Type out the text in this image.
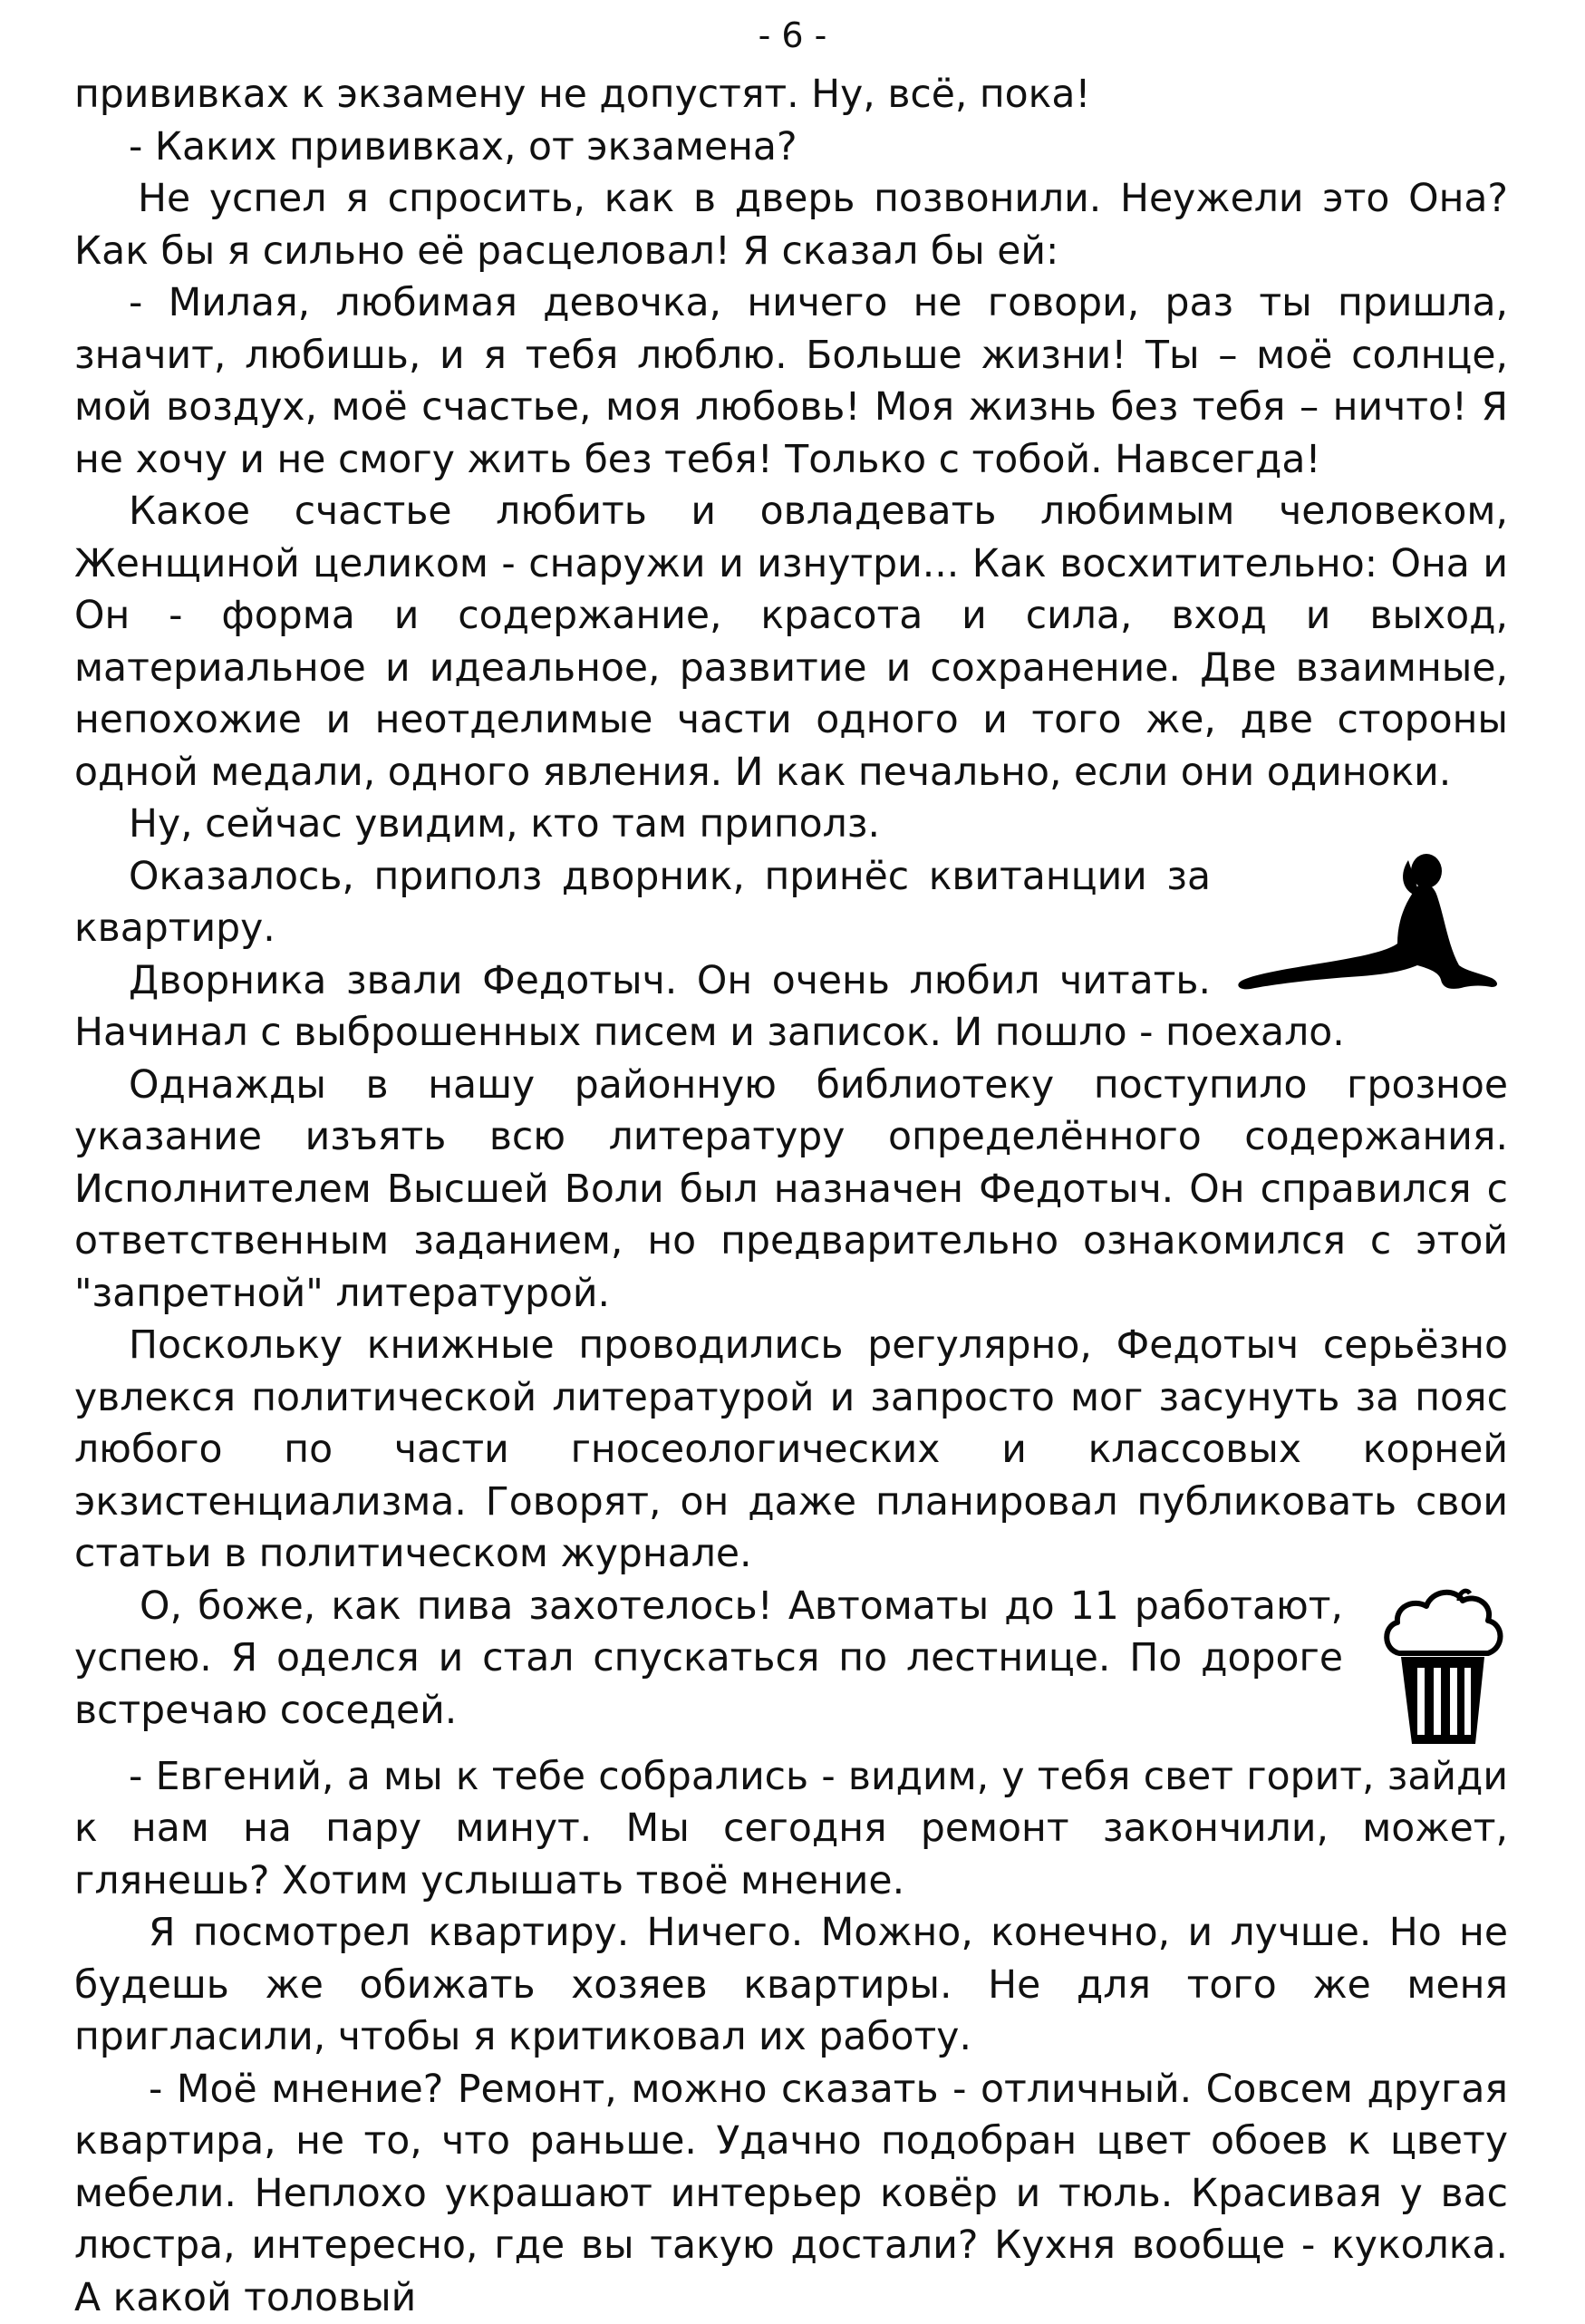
- 6 -

прививках к экзамену не допустят. Ну, всё, пока!

- Каких прививках, от экзамена?

Не успел я спросить, как в дверь позвонили. Неужели это Она? Как бы я сильно её расцеловал! Я сказал бы ей:

- Милая, любимая девочка, ничего не говори, раз ты пришла, значит, любишь, и я тебя люблю. Больше жизни! Ты – моё солнце, мой воздух, моё счастье, моя любовь! Моя жизнь без тебя – ничто! Я не хочу и не смогу жить без тебя! Только с тобой. Навсегда!

Какое счастье любить и овладевать любимым человеком, Женщиной целиком - снаружи и изнутри... Как восхитительно: Она и Он - форма и содержание, красота и сила, вход и выход, материальное и идеальное, развитие и сохранение. Две взаимные, непохожие и неотделимые части одного и того же, две стороны одной медали, одного явления. И как печально, если они одиноки.

Ну, сейчас увидим, кто там приполз.

Оказалось, приполз дворник, принёс квитанции за квартиру.

Дворника звали Федотыч. Он очень любил читать. Начинал с выброшенных писем и записок. И пошло - поехало.

Однажды в нашу районную библиотеку поступило грозное указание изъять всю литературу определённого содержания. Исполнителем Высшей Воли был назначен Федотыч. Он справился с ответственным заданием, но предварительно ознакомился с этой "запретной" литературой.

Поскольку книжные проводились регулярно, Федотыч серьёзно увлекся политической литературой и запросто мог засунуть за пояс любого по части гносеологических и классовых корней экзистенциализма. Говорят, он даже планировал публиковать свои статьи в политическом журнале.

О, боже, как пива захотелось! Автоматы до 11 работают, успею. Я оделся и стал спускаться по лестнице. По дороге встречаю соседей.

- Евгений, а мы к тебе собрались - видим, у тебя свет горит, зайди к нам на пару минут. Мы сегодня ремонт закончили, может, глянешь? Хотим услышать твоё мнение.

Я посмотрел квартиру. Ничего. Можно, конечно, и лучше. Но не будешь же обижать хозяев квартиры. Не для того же меня пригласили, чтобы я критиковал их работу.

- Моё мнение? Ремонт, можно сказать - отличный. Совсем другая квартира, не то, что раньше. Удачно подобран цвет обоев к цвету мебели. Неплохо украшают интерьер ковёр и тюль. Красивая у вас люстра, интересно, где вы такую достали? Кухня вообще - куколка. А какой толовый
